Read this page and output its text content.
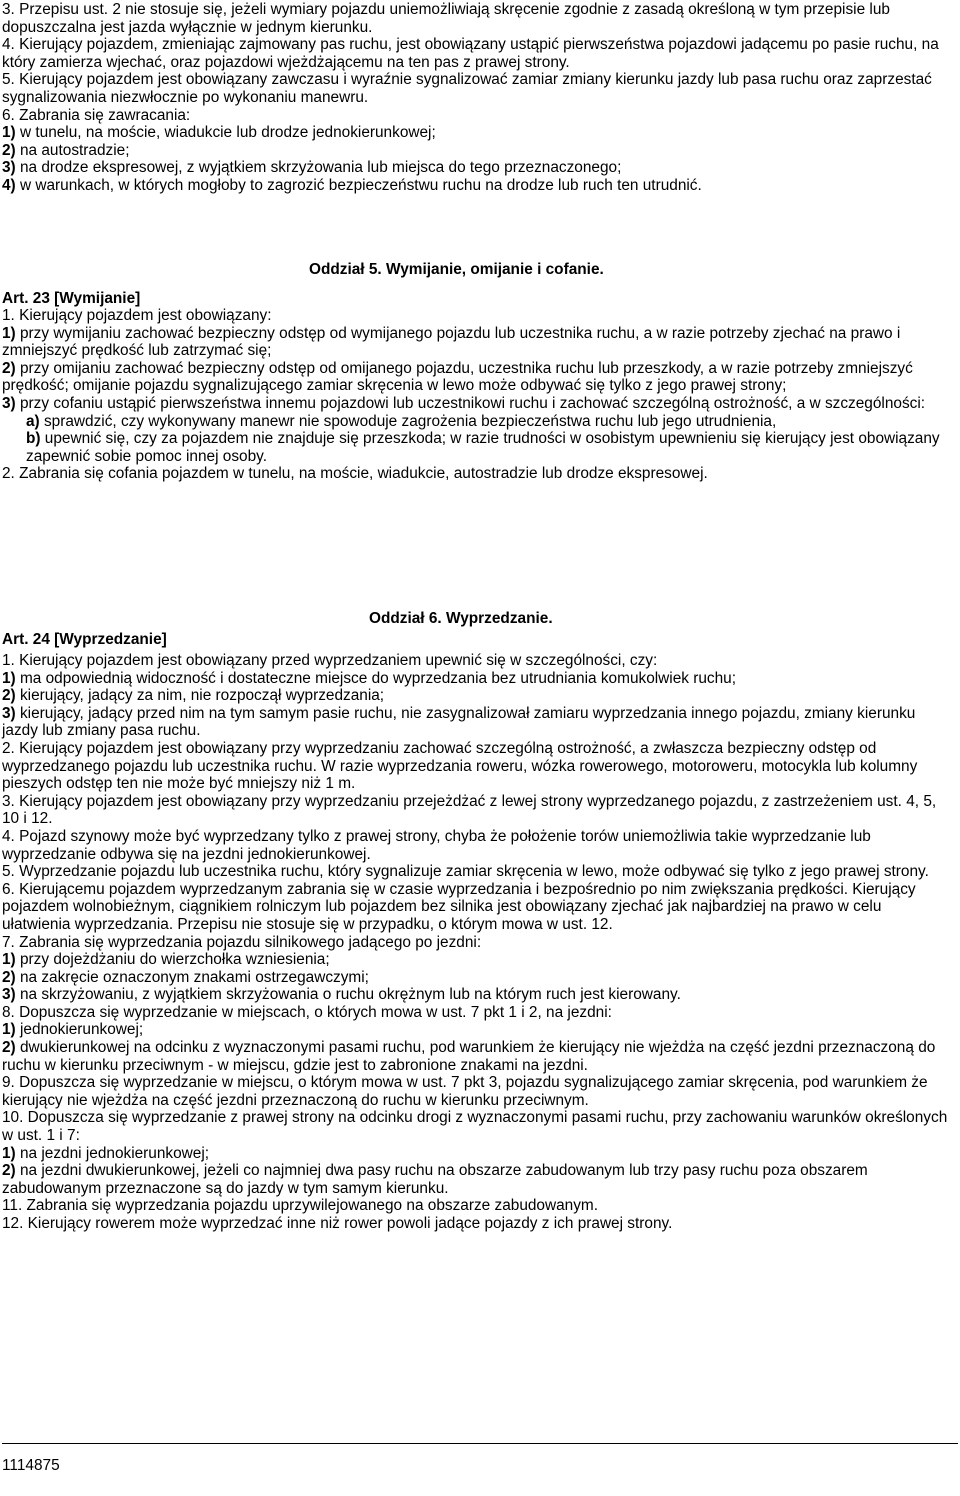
3. Przepisu ust. 2 nie stosuje się, jeżeli wymiary pojazdu uniemożliwiają skręcenie zgodnie z zasadą określoną w tym przepisie lub dopuszczalna jest jazda wyłącznie w jednym kierunku.

4. Kierujący pojazdem, zmieniając zajmowany pas ruchu, jest obowiązany ustąpić pierwszeństwa pojazdowi jadącemu po pasie ruchu, na który zamierza wjechać, oraz pojazdowi wjeżdżającemu na ten pas z prawej strony.

5. Kierujący pojazdem jest obowiązany zawczasu i wyraźnie sygnalizować zamiar zmiany kierunku jazdy lub pasa ruchu oraz zaprzestać sygnalizowania niezwłocznie po wykonaniu manewru.

6. Zabrania się zawracania:

1) w tunelu, na moście, wiadukcie lub drodze jednokierunkowej;

2) na autostradzie;

3) na drodze ekspresowej, z wyjątkiem skrzyżowania lub miejsca do tego przeznaczonego;

4) w warunkach, w których mogłoby to zagrozić bezpieczeństwu ruchu na drodze lub ruch ten utrudnić.

Oddział 5. Wymijanie, omijanie i cofanie.

Art. 23 [Wymijanie]

1. Kierujący pojazdem jest obowiązany:

1) przy wymijaniu zachować bezpieczny odstęp od wymijanego pojazdu lub uczestnika ruchu, a w razie potrzeby zjechać na prawo i zmniejszyć prędkość lub zatrzymać się;

2) przy omijaniu zachować bezpieczny odstęp od omijanego pojazdu, uczestnika ruchu lub przeszkody, a w razie potrzeby zmniejszyć prędkość; omijanie pojazdu sygnalizującego zamiar skręcenia w lewo może odbywać się tylko z jego prawej strony;

3) przy cofaniu ustąpić pierwszeństwa innemu pojazdowi lub uczestnikowi ruchu i zachować szczególną ostrożność, a w szczególności:

a) sprawdzić, czy wykonywany manewr nie spowoduje zagrożenia bezpieczeństwa ruchu lub jego utrudnienia,

b) upewnić się, czy za pojazdem nie znajduje się przeszkoda; w razie trudności w osobistym upewnieniu się kierujący jest obowiązany zapewnić sobie pomoc innej osoby.

2. Zabrania się cofania pojazdem w tunelu, na moście, wiadukcie, autostradzie lub drodze ekspresowej.

Oddział 6. Wyprzedzanie.

Art. 24 [Wyprzedzanie]

1. Kierujący pojazdem jest obowiązany przed wyprzedzaniem upewnić się w szczególności, czy:

1) ma odpowiednią widoczność i dostateczne miejsce do wyprzedzania bez utrudniania komukolwiek ruchu;

2) kierujący, jadący za nim, nie rozpoczął wyprzedzania;

3) kierujący, jadący przed nim na tym samym pasie ruchu, nie zasygnalizował zamiaru wyprzedzania innego pojazdu, zmiany kierunku jazdy lub zmiany pasa ruchu.

2. Kierujący pojazdem jest obowiązany przy wyprzedzaniu zachować szczególną ostrożność, a zwłaszcza bezpieczny odstęp od wyprzedzanego pojazdu lub uczestnika ruchu. W razie wyprzedzania roweru, wózka rowerowego, motoroweru, motocykla lub kolumny pieszych odstęp ten nie może być mniejszy niż 1 m.

3. Kierujący pojazdem jest obowiązany przy wyprzedzaniu przejeżdżać z lewej strony wyprzedzanego pojazdu, z zastrzeżeniem ust. 4, 5, 10 i 12.

4. Pojazd szynowy może być wyprzedzany tylko z prawej strony, chyba że położenie torów uniemożliwia takie wyprzedzanie lub wyprzedzanie odbywa się na jezdni jednokierunkowej.

5. Wyprzedzanie pojazdu lub uczestnika ruchu, który sygnalizuje zamiar skręcenia w lewo, może odbywać się tylko z jego prawej strony.

6. Kierującemu pojazdem wyprzedzanym zabrania się w czasie wyprzedzania i bezpośrednio po nim zwiększania prędkości. Kierujący pojazdem wolnobieżnym, ciągnikiem rolniczym lub pojazdem bez silnika jest obowiązany zjechać jak najbardziej na prawo w celu ułatwienia wyprzedzania. Przepisu nie stosuje się w przypadku, o którym mowa w ust. 12.

7. Zabrania się wyprzedzania pojazdu silnikowego jadącego po jezdni:

1) przy dojeżdżaniu do wierzchołka wzniesienia;

2) na zakręcie oznaczonym znakami ostrzegawczymi;

3) na skrzyżowaniu, z wyjątkiem skrzyżowania o ruchu okrężnym lub na którym ruch jest kierowany.

8. Dopuszcza się wyprzedzanie w miejscach, o których mowa w ust. 7 pkt 1 i 2, na jezdni:

1) jednokierunkowej;

2) dwukierunkowej na odcinku z wyznaczonymi pasami ruchu, pod warunkiem że kierujący nie wjeżdża na część jezdni przeznaczoną do ruchu w kierunku przeciwnym - w miejscu, gdzie jest to zabronione znakami na jezdni.

9. Dopuszcza się wyprzedzanie w miejscu, o którym mowa w ust. 7 pkt 3, pojazdu sygnalizującego zamiar skręcenia, pod warunkiem że kierujący nie wjeżdża na część jezdni przeznaczoną do ruchu w kierunku przeciwnym.

10. Dopuszcza się wyprzedzanie z prawej strony na odcinku drogi z wyznaczonymi pasami ruchu, przy zachowaniu warunków określonych w ust. 1 i 7:

1) na jezdni jednokierunkowej;

2) na jezdni dwukierunkowej, jeżeli co najmniej dwa pasy ruchu na obszarze zabudowanym lub trzy pasy ruchu poza obszarem zabudowanym przeznaczone są do jazdy w tym samym kierunku.

11. Zabrania się wyprzedzania pojazdu uprzywilejowanego na obszarze zabudowanym.

12. Kierujący rowerem może wyprzedzać inne niż rower powoli jadące pojazdy z ich prawej strony.

1114875
